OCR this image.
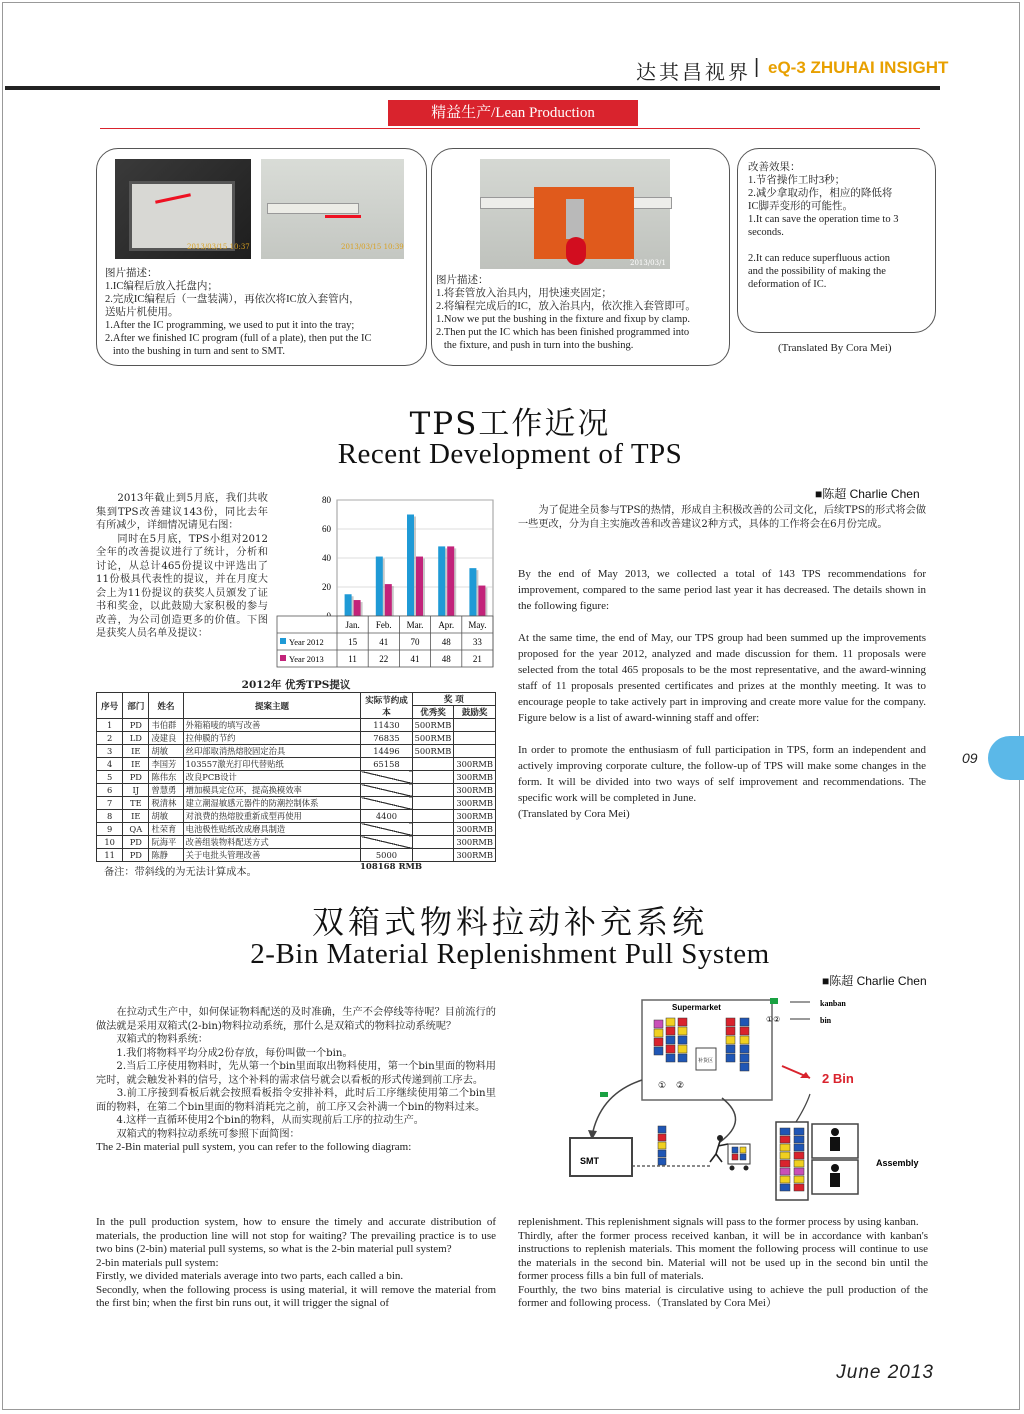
达其昌视界 | eQ-3 ZHUHAI INSIGHT
精益生产/Lean Production
2013/03/15 10:37	2013/03/15 10:39

图片描述：

1.IC编程后放入托盘内；

2.完成IC编程后（一盘装满），再依次将IC放入套管内，

送贴片机使用。

1.After the IC programming, we used to put it into the tray;

2.After we finished IC program (full of a plate), then put the IC

into the bushing in turn and sent to SMT.

2013/03/1

图片描述：

1.将套管放入治具内，用快速夹固定；

2.将编程完成后的IC，放入治具内，依次推入套管即可。

1.Now we put the bushing in the fixture and fixup by clamp.

2.Then put the IC which has been finished programmed into

the fixture, and push in turn into the bushing.

改善效果：

1.节省操作工时3秒；

2.减少拿取动作，相应的降低将

IC脚弄变形的可能性。

1.It can save the operation time to 3

seconds.

2.It can reduce superfluous action

and the possibility of making the

deformation of IC.

(Translated By Cora Mei)
TPS工作近况
Recent Development of TPS
■陈超 Charlie Chen

　　2013年截止到5月底，我们共收集到TPS改善建议143份，同比去年有所减少，详细情况请见右图：

　　同时在5月底，TPS小组对2012全年的改善提议进行了统计，分析和讨论，从总计465份提议中评选出了11份极具代表性的提议，并在月度大会上为11份提议的获奖人员颁发了证书和奖金，以此鼓励大家积极的参与改善，为公司创造更多的价值。下图是获奖人员名单及提议：

20
40
60
80
Jan. Feb. Mar. Apr. May.
Year 2012	15 41 70 48 33
Year 2013	11 22 41 48 21
2012年 优秀TPS提议
序号	部门	姓名	提案主题	实际节约成本	奖 项	
					优秀奖	鼓励奖
1	PD	韦伯群	外箱箱唛的填写改善	11430	500RMB	
2	LD	凌建良	拉伸膜的节约	76835	500RMB	
3	IE	胡敏	丝印部取消热熔胶固定治具	14496	500RMB	
4	IE	李国芳	103557激光打印代替贴纸	65158		300RMB
5	PD	陈伟东	改良PCB设计			300RMB
6	IJ	曾慧勇	增加模具定位环，提高换模效率			300RMB
7	TE	税清林	建立潮湿敏感元器件的防潮控制体系			300RMB
8	IE	胡敏	对浪费的热熔胶重新成型再使用	4400		300RMB
9	QA	杜荣育	电池极性贴纸改成磨具制造			300RMB
10	PD	阮海平	改善组装物料配送方式			300RMB
11	PD	陈静	关于电批头管理改善	5000		300RMB
108168 RMB
备注：带斜线的为无法计算成本。
　　为了促进全员参与TPS的热情，形成自主积极改善的公司文化，后续TPS的形式将会做一些更改，分为自主实施改善和改善建议2种方式，具体的工作将会在6月份完成。

By the end of May 2013, we collected a total of 143 TPS recommendations for improvement, compared to the same period last year it has decreased. The details shown in the following figure:

At the same time, the end of May, our TPS group had been summed up the improvements proposed for the year 2012, analyzed and made discussion for them. 11 proposals were selected from the total 465 proposals to be the most representative, and the award-winning staff of 11 proposals presented certificates and prizes at the monthly meeting. It was to encourage people to take actively part in improving and create more value for the company. Figure below is a list of award-winning staff and offer:

In order to promote the enthusiasm of full participation in TPS, form an independent and actively improving corporate culture, the follow-up of TPS will make some changes in the form. It will be divided into two ways of self improvement and recommendations. The specific work will be completed in June.

(Translated by Cora Mei)

09
双箱式物料拉动补充系统
2-Bin Material Replenishment Pull System
■陈超 Charlie Chen

　　在拉动式生产中，如何保证物料配送的及时准确，生产不会停线等待呢？目前流行的做法就是采用双箱式(2-bin)物料拉动系统，那什么是双箱式的物料拉动系统呢？

　　双箱式的物料系统：

　　1.我们将物料平均分成2份存放，每份叫做一个bin。

　　2.当后工序使用物料时，先从第一个bin里面取出物料使用，第一个bin里面的物料用完时，就会触发补料的信号，这个补料的需求信号就会以看板的形式传递到前工序去。

　　3.前工序接到看板后就会按照看板指令安排补料，此时后工序继续使用第二个bin里面的物料，在第二个bin里面的物料消耗完之前，前工序又会补满一个bin的物料过来。

　　4.这样一直循环使用2个bin的物料，从而实现前后工序的拉动生产。

　　双箱式的物料拉动系统可参照下面简图：

The 2-Bin material pull system, you can refer to the following diagram:

Supermarket
补货区
① ②
kanban
①②	bin
2 Bin
SMT	Assembly

In the pull production system, how to ensure the timely and accurate distribution of materials, the production line will not stop for waiting? The prevailing practice is to use two bins (2-bin) material pull systems, so what is the 2-bin material pull system?

2-bin materials pull system:

Firstly, we divided materials average into two parts, each called a bin.

Secondly, when the following process is using material, it will remove the material from the first bin; when the first bin runs out, it will trigger the signal of

replenishment. This replenishment signals will pass to the former process by using kanban.

Thirdly, after the former process received kanban, it will be in accordance with kanban's instructions to replenish materials. This moment the following process will continue to use the materials in the second bin. Material will not be used up in the second bin until the former process fills a bin full of materials.

Fourthly, the two bins material is circulative using to achieve the pull production of the former and following process.（Translated by Cora Mei）

June 2013
